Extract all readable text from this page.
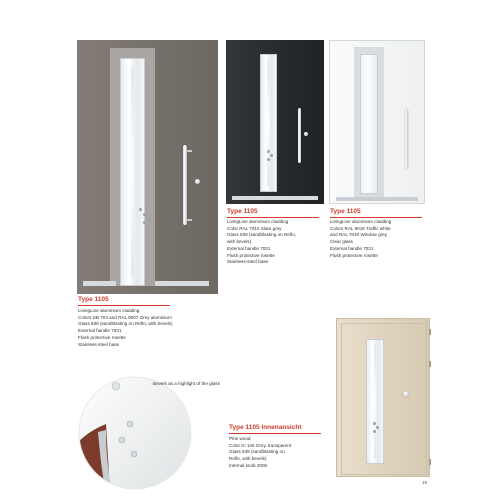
Type 1105
LivingLine aluminium cladding
Colors DB 703 and RAL 9007 Grey aluminium
Glass 839 (sandblasting on Reflo, with bevels)
External handle 7031
Flush protective rosette
Stainless-steel base
Type 1105
LivingLine aluminium cladding
Color RAL 7015 Slate grey
Glass 839 (sandblasting on Reflo,
with bevels)
External handle 7031
Flush protective rosette
Stainless-steel base
Type 1105
LivingLine aluminium cladding
Colors RAL 9016 Traffic white
and RAL 7040 Window grey
Clear glass
External handle 7031
Flush protective rosette
Type 1105 Innenansicht
Pine wood
Color KI 146 Grey, transparent
Glass 839 (sandblasting on
Reflo, with bevels)
Internal knob 2005
Bevels as a highlight of the glass
15
